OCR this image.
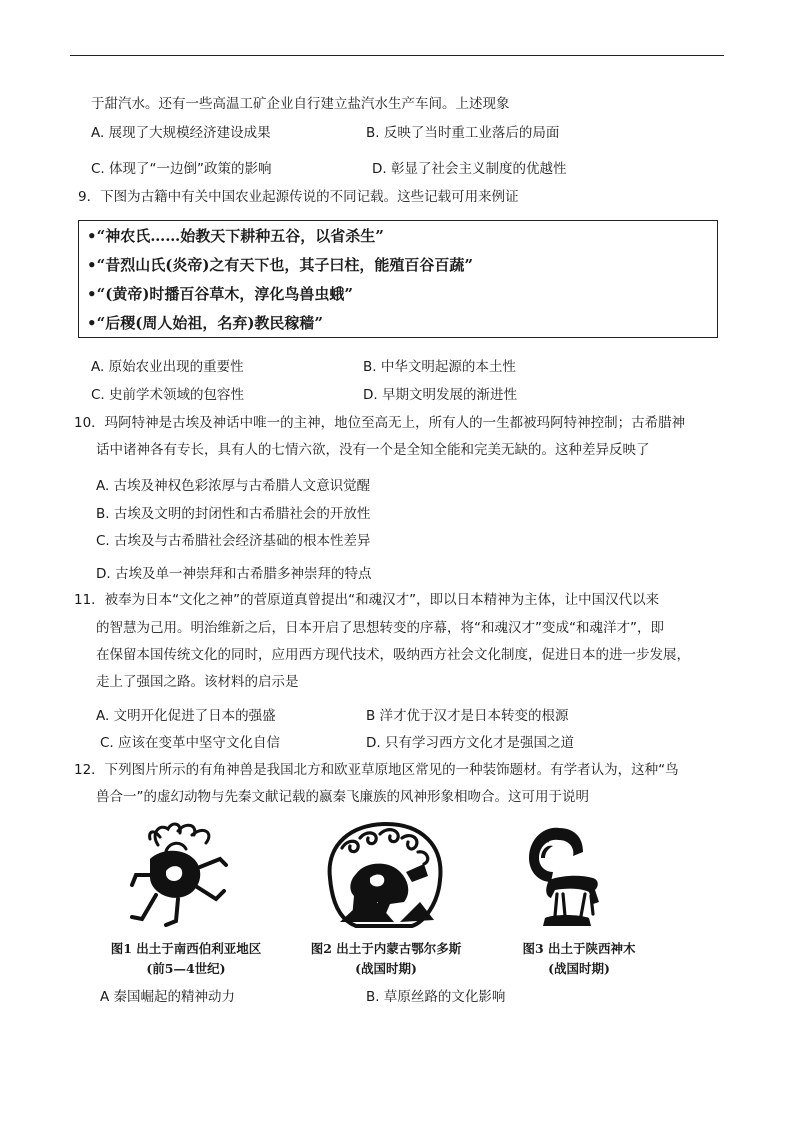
于甜汽水。还有一些高温工矿企业自行建立盐汽水生产车间。上述现象
A. 展现了大规模经济建设成果	B. 反映了当时重工业落后的局面
C. 体现了“一边倒”政策的影响	D. 彰显了社会主义制度的优越性
9．下图为古籍中有关中国农业起源传说的不同记载。这些记载可用来例证
•“神农氏……始教天下耕种五谷，以省杀生”
•“昔烈山氏(炎帝)之有天下也，其子曰柱，能殖百谷百蔬”
•“(黄帝)时播百谷草木，淳化鸟兽虫蛾”
•“后稷(周人始祖，名弃)教民稼穑”
A. 原始农业出现的重要性	B. 中华文明起源的本土性
C. 史前学术领域的包容性	D. 早期文明发展的渐进性
10．玛阿特神是古埃及神话中唯一的主神，地位至高无上，所有人的一生都被玛阿特神控制；古希腊神
话中诸神各有专长，具有人的七情六欲，没有一个是全知全能和完美无缺的。这种差异反映了
A. 古埃及神权色彩浓厚与古希腊人文意识觉醒
B. 古埃及文明的封闭性和古希腊社会的开放性
C. 古埃及与古希腊社会经济基础的根本性差异
D. 古埃及单一神崇拜和古希腊多神崇拜的特点
11．被奉为日本“文化之神”的菅原道真曾提出“和魂汉才”，即以日本精神为主体，让中国汉代以来
的智慧为己用。明治维新之后，日本开启了思想转变的序幕，将“和魂汉才”变成“和魂洋才”，即
在保留本国传统文化的同时，应用西方现代技术，吸纳西方社会文化制度，促进日本的进一步发展，
走上了强国之路。该材料的启示是
A. 文明开化促进了日本的强盛	B 洋才优于汉才是日本转变的根源
C. 应该在变革中坚守文化自信	D. 只有学习西方文化才是强国之道
12．下列图片所示的有角神兽是我国北方和欧亚草原地区常见的一种装饰题材。有学者认为，这种“鸟
兽合一”的虚幻动物与先秦文献记载的嬴秦飞廉族的风神形象相吻合。这可用于说明
图1 出土于南西伯利亚地区
(前5—4世纪)
图2 出土于内蒙古鄂尔多斯
(战国时期)
图3 出土于陕西神木
(战国时期)
A 秦国崛起的精神动力	B. 草原丝路的文化影响
